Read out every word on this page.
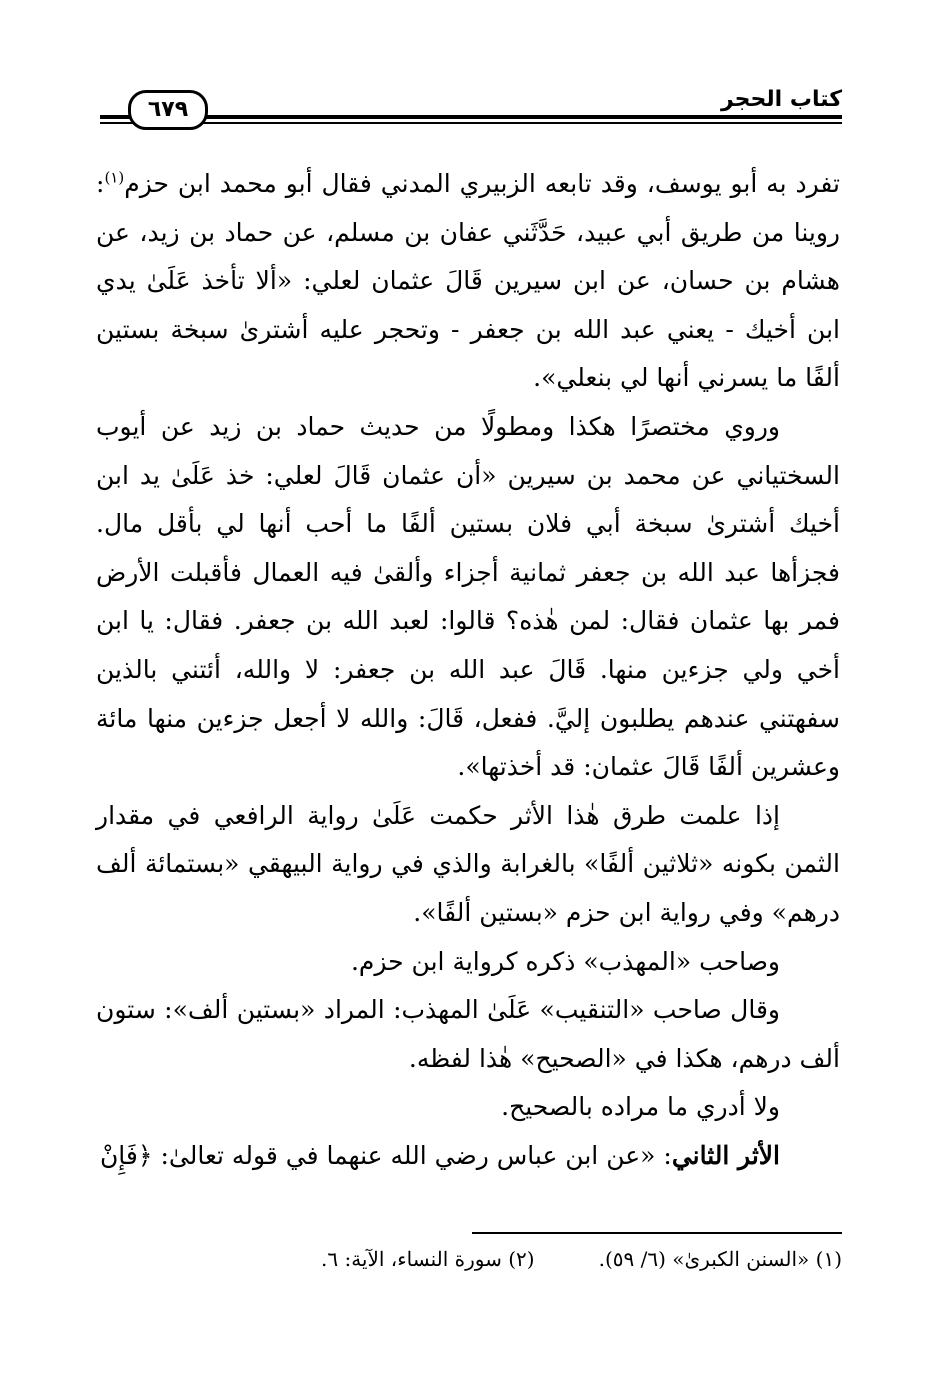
كتاب الحجر
٦٧٩

تفرد به أبو يوسف، وقد تابعه الزبيري المدني فقال أبو محمد ابن حزم$^{(١)}$: روينا من طريق أبي عبيد، حَدَّثَني عفان بن مسلم، عن حماد بن زيد، عن هشام بن حسان، عن ابن سيرين قَالَ عثمان لعلي: «ألا تأخذ عَلَىٰ يدي ابن أخيك - يعني عبد الله بن جعفر - وتحجر عليه أشترىٰ سبخة بستين ألفًا ما يسرني أنها لي بنعلي».

وروي مختصرًا هكذا ومطولًا من حديث حماد بن زيد عن أيوب السختياني عن محمد بن سيرين «أن عثمان قَالَ لعلي: خذ عَلَىٰ يد ابن أخيك أشترىٰ سبخة أبي فلان بستين ألفًا ما أحب أنها لي بأقل مال. فجزأها عبد الله بن جعفر ثمانية أجزاء وألقىٰ فيه العمال فأقبلت الأرض فمر بها عثمان فقال: لمن هٰذه؟ قالوا: لعبد الله بن جعفر. فقال: يا ابن أخي ولي جزءين منها. قَالَ عبد الله بن جعفر: لا والله، أئتني بالذين سفهتني عندهم يطلبون إليَّ. ففعل، قَالَ: والله لا أجعل جزءين منها مائة وعشرين ألفًا قَالَ عثمان: قد أخذتها».

إذا علمت طرق هٰذا الأثر حكمت عَلَىٰ رواية الرافعي في مقدار الثمن بكونه «ثلاثين ألفًا» بالغرابة والذي في رواية البيهقي «بستمائة ألف درهم» وفي رواية ابن حزم «بستين ألفًا».

وصاحب «المهذب» ذكره كرواية ابن حزم.

وقال صاحب «التنقيب» عَلَىٰ المهذب: المراد «بستين ألف»: ستون ألف درهم، هكذا في «الصحيح» هٰذا لفظه.

ولا أدري ما مراده بالصحيح.

الأثر الثاني: «عن ابن عباس رضي الله عنهما في قوله تعالىٰ: ﴿فَإِنْ

(١) «السنن الكبرىٰ» (٦/ ٥٩).
(٢) سورة النساء، الآية: ٦.
